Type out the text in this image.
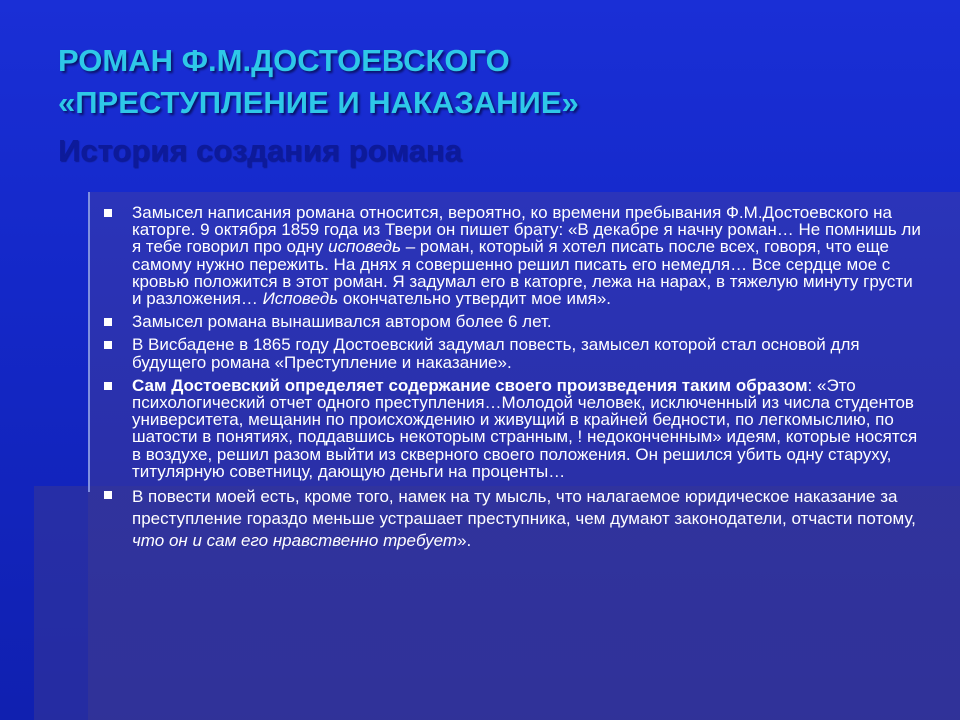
РОМАН Ф.М.ДОСТОЕВСКОГО
«ПРЕСТУПЛЕНИЕ И НАКАЗАНИЕ»
История создания романа
Замысел написания романа относится, вероятно, ко времени пребывания Ф.М.Достоевского на каторге. 9 октября 1859 года из Твери он пишет брату: «В декабре я начну роман… Не помнишь ли я тебе говорил про одну исповедь – роман, который я хотел писать после всех, говоря, что еще самому нужно пережить. На днях я совершенно решил писать его немедля… Все сердце мое с кровью положится в этот роман. Я задумал его в каторге, лежа на нарах, в тяжелую минуту грусти и разложения… Исповедь окончательно утвердит мое имя».
Замысел романа вынашивался автором более 6 лет.
В Висбадене в 1865 году Достоевский задумал повесть, замысел которой стал основой для будущего романа «Преступление и наказание».
Сам Достоевский определяет содержание своего произведения таким образом: «Это психологический отчет одного преступления…Молодой человек, исключенный из числа студентов университета, мещанин по происхождению и живущий в крайней бедности, по легкомыслию, по шатости в понятиях, поддавшись некоторым странным, ! недоконченным» идеям, которые носятся в воздухе, решил разом выйти из скверного своего положения. Он решился убить одну старуху, титулярную советницу, дающую деньги на проценты…
В повести моей есть, кроме того, намек на ту мысль, что налагаемое юридическое наказание за преступление гораздо меньше устрашает преступника, чем думают законодатели, отчасти потому, что он и сам его нравственно требует».
